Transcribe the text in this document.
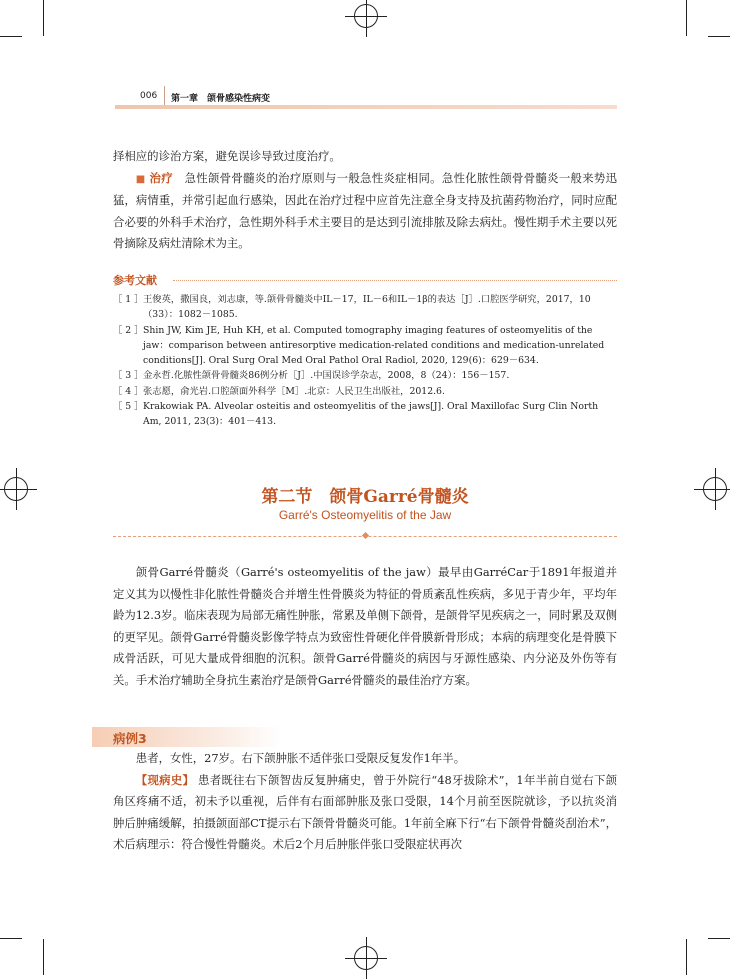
006 第一章　颌骨感染性病变

择相应的诊治方案，避免误诊导致过度治疗。

■ 治疗　 急性颌骨骨髓炎的治疗原则与一般急性炎症相同。急性化脓性颌骨骨髓炎一般来势迅猛，病情重，并常引起血行感染，因此在治疗过程中应首先注意全身支持及抗菌药物治疗，同时应配合必要的外科手术治疗，急性期外科手术主要目的是达到引流排脓及除去病灶。慢性期手术主要以死骨摘除及病灶清除术为主。

参考文献
［ 1 ］ 王俊英，撒国良，刘志康，等.颌骨骨髓炎中IL－17，IL－6和IL－1β的表达［J］.口腔医学研究，2017，10（33）：1082－1085.
［ 2 ］ Shin JW, Kim JE, Huh KH, et al. Computed tomography imaging features of osteomyelitis of the jaw：comparison between antiresorptive medication-related conditions and medication-unrelated conditions[J]. Oral Surg Oral Med Oral Pathol Oral Radiol, 2020, 129(6)：629－634.
［ 3 ］ 金永哲.化脓性颌骨骨髓炎86例分析［J］.中国误诊学杂志，2008，8（24）：156－157.
［ 4 ］ 张志愿，俞光岩.口腔颌面外科学［M］.北京：人民卫生出版社，2012.6.
［ 5 ］ Krakowiak PA. Alveolar osteitis and osteomyelitis of the jaws[J]. Oral Maxillofac Surg Clin North Am, 2011, 23(3)：401－413.
第二节　颌骨Garré骨髓炎
Garré's Osteomyelitis of the Jaw

颌骨Garré骨髓炎（Garré's osteomyelitis of the jaw）最早由GarréCar于1891年报道并定义其为以慢性非化脓性骨髓炎合并增生性骨膜炎为特征的骨质紊乱性疾病，多见于青少年，平均年龄为12.3岁。临床表现为局部无痛性肿胀，常累及单侧下颌骨，是颌骨罕见疾病之一，同时累及双侧的更罕见。颌骨Garré骨髓炎影像学特点为致密性骨硬化伴骨膜新骨形成；本病的病理变化是骨膜下成骨活跃，可见大量成骨细胞的沉积。颌骨Garré骨髓炎的病因与牙源性感染、内分泌及外伤等有关。手术治疗辅助全身抗生素治疗是颌骨Garré骨髓炎的最佳治疗方案。

病例3

患者，女性，27岁。右下颌肿胀不适伴张口受限反复发作1年半。

【现病史】 患者既往右下颌智齿反复肿痛史，曾于外院行“48牙拔除术”，1年半前自觉右下颌角区疼痛不适，初未予以重视，后伴有右面部肿胀及张口受限，14个月前至医院就诊，予以抗炎消肿后肿痛缓解，拍摄颌面部CT提示右下颌骨骨髓炎可能。1年前全麻下行“右下颌骨骨髓炎刮治术”，术后病理示：符合慢性骨髓炎。术后2个月后肿胀伴张口受限症状再次
